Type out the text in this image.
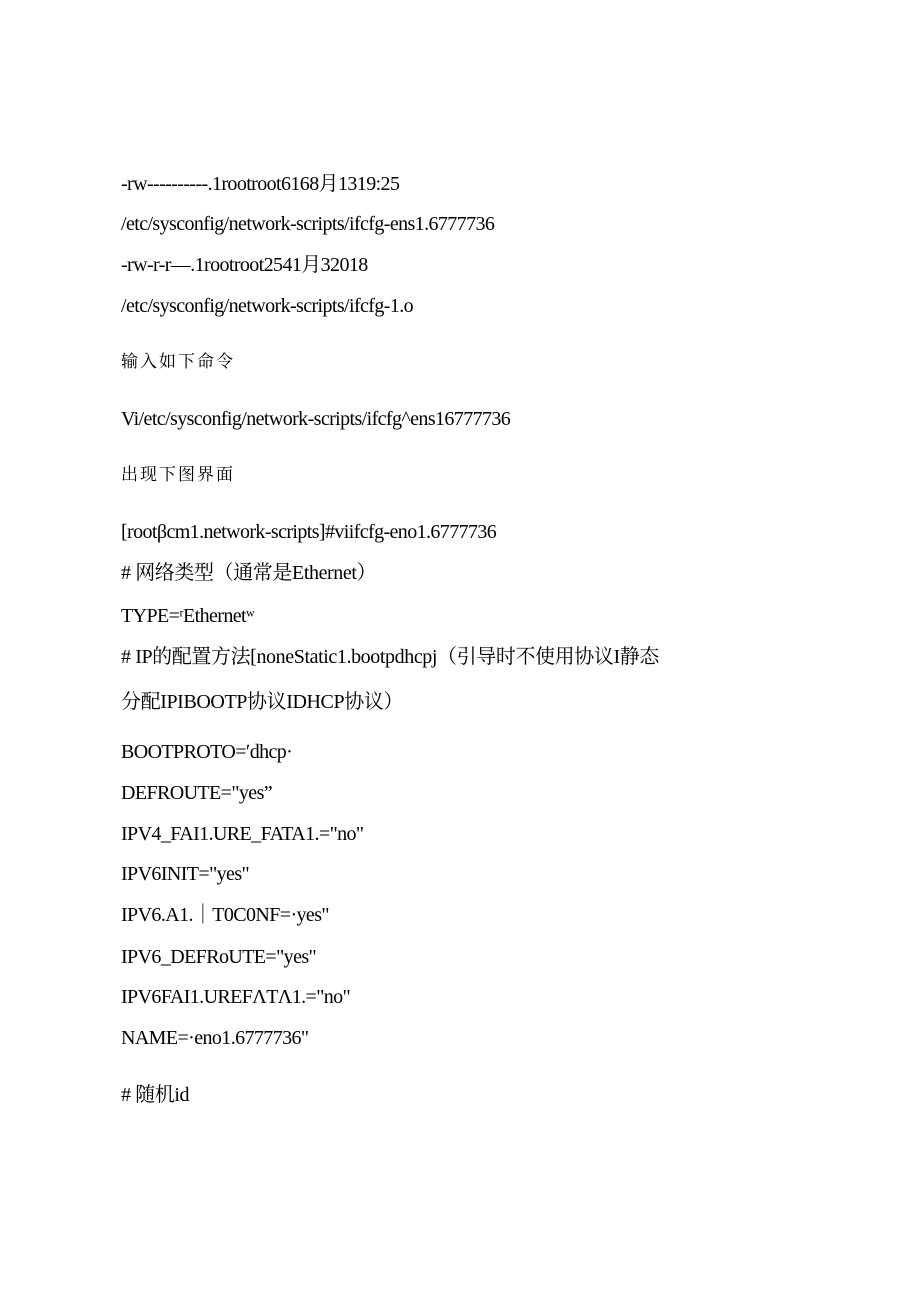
-rw----------.1rootroot6168月1319:25
/etc/sysconfig/network-scripts/ifcfg-ens1.6777736
-rw-r-r—.1rootroot2541月32018
/etc/sysconfig/network-scripts/ifcfg-1.o
输入如下命令
Vi/etc/sysconfig/network-scripts/ifcfg^ens16777736
出现下图界面
[rootβcm1.network-scripts]#viifcfg-eno1.6777736
# 网络类型（通常是Ethernet）
TYPE=ʳEthernetʷ
# IP的配置方法[noneStatic1.bootpdhcpj（引导时不使用协议I静态
分配IPIBOOTP协议IDHCP协议）
BOOTPROTO=ʹdhcp·
DEFROUTE="yes”
IPV4_FAI1.URE_FATA1.="no"
IPV6INIT="yes"
IPV6.A1.｜T0C0NF=·yes"
IPV6_DEFRoUTE="yes"
IPV6FAI1.UREFΛTΛ1.="no"
NAME=·eno1.6777736"
# 随机id
